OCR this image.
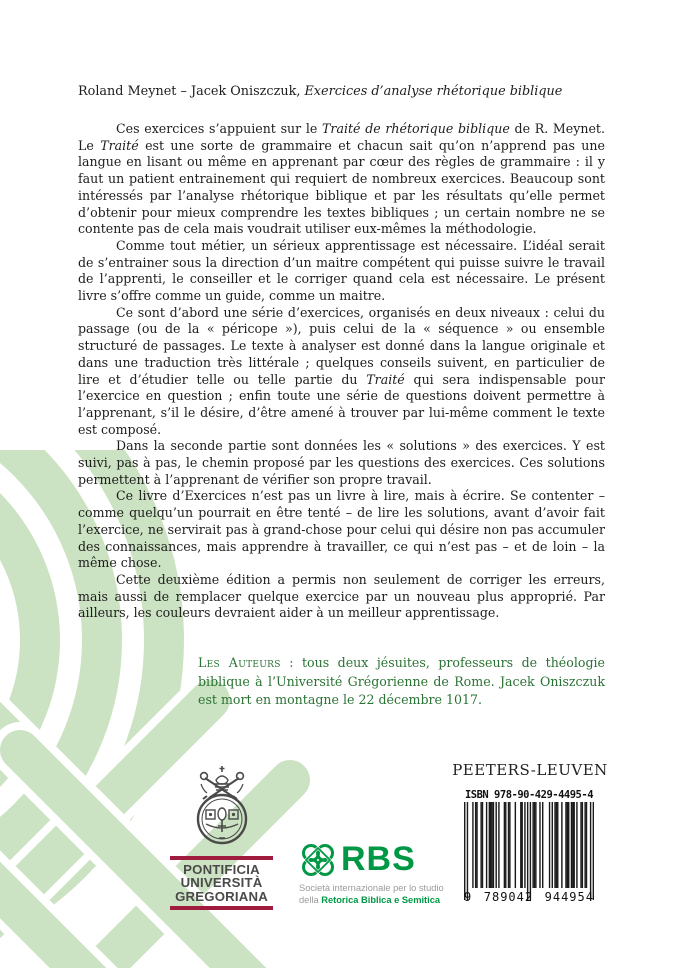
Roland Meynet – Jacek Oniszczuk, Exercices d’analyse rhétorique biblique

Ces exercices s’appuient sur le Traité de rhétorique biblique de R. Meynet. Le Traité est une sorte de grammaire et chacun sait qu’on n’apprend pas une langue en lisant ou même en apprenant par cœur des règles de grammaire : il y faut un patient entrainement qui requiert de nombreux exercices. Beaucoup sont intéressés par l’analyse rhétorique biblique et par les résultats qu’elle permet d’obtenir pour mieux comprendre les textes bibliques ; un certain nombre ne se contente pas de cela mais voudrait utiliser eux-mêmes la méthodologie.

Comme tout métier, un sérieux apprentissage est nécessaire. L’idéal serait de s’entrainer sous la direction d’un maitre compétent qui puisse suivre le travail de l’apprenti, le conseiller et le corriger quand cela est nécessaire. Le présent livre s’offre comme un guide, comme un maitre.

Ce sont d’abord une série d’exercices, organisés en deux niveaux : celui du passage (ou de la « péricope »), puis celui de la « séquence » ou ensemble structuré de passages. Le texte à analyser est donné dans la langue originale et dans une traduction très littérale ; quelques conseils suivent, en particulier de lire et d’étudier telle ou telle partie du Traité qui sera indispensable pour l’exercice en question ; enfin toute une série de questions doivent permettre à l’apprenant, s’il le désire, d’être amené à trouver par lui-même comment le texte est composé.

Dans la seconde partie sont données les « solutions » des exercices. Y est suivi, pas à pas, le chemin proposé par les questions des exercices. Ces solutions permettent à l’apprenant de vérifier son propre travail.

Ce livre d’Exercices n’est pas un livre à lire, mais à écrire. Se contenter – comme quelqu’un pourrait en être tenté – de lire les solutions, avant d’avoir fait l’exercice, ne servirait pas à grand-chose pour celui qui désire non pas accumuler des connaissances, mais apprendre à travailler, ce qui n’est pas – et de loin – la même chose.

Cette deuxième édition a permis non seulement de corriger les erreurs, mais aussi de remplacer quelque exercice par un nouveau plus approprié. Par ailleurs, les couleurs devraient aider à un meilleur apprentissage.

Les Auteurs : tous deux jésuites, professeurs de théologie biblique à l’Université Grégorienne de Rome. Jacek Oniszczuk est mort en montagne le 22 décembre 1017.
PEETERS-LEUVEN
ISBN 978-90-429-4495-4
9 789042 944954
PONTIFICIA
UNIVERSITÀ
GREGORIANA
RBS
Società internazionale per lo studio
della Retorica Biblica e Semitica
